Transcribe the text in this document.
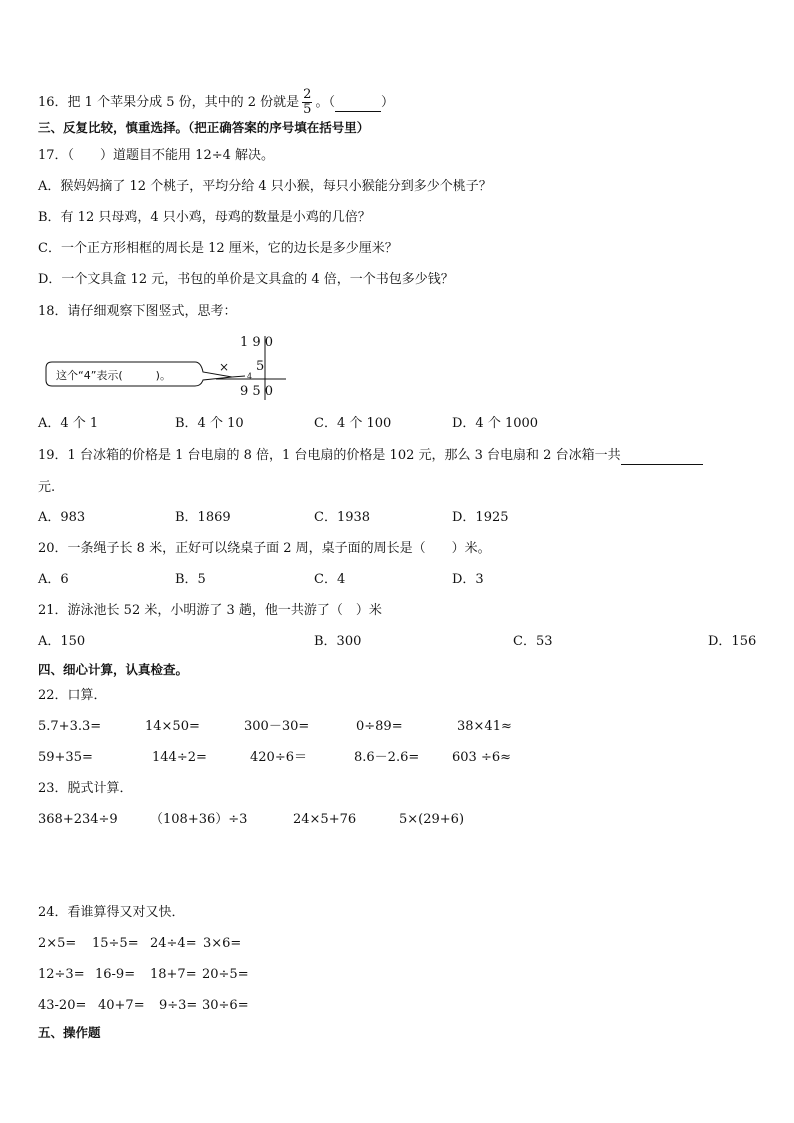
16．把 1 个苹果分成 5 份，其中的 2 份就是 $\frac{2}{5}$ 。（	）
三、反复比较，慎重选择。（把正确答案的序号填在括号里）
17．（　　）道题目不能用 12÷4 解决。
A．猴妈妈摘了 12 个桃子，平均分给 4 只小猴，每只小猴能分到多少个桃子？
B．有 12 只母鸡，4 只小鸡，母鸡的数量是小鸡的几倍？
C．一个正方形相框的周长是 12 厘米，它的边长是多少厘米？
D．一个文具盒 12 元，书包的单价是文具盒的 4 倍，一个书包多少钱？
18．请仔细观察下图竖式，思考：
这个“4”表示(　　　)。
1 9 0
× 5
4
9 5 0
A．4 个 1	B．4 个 10	C．4 个 100	D．4 个 1000
19．1 台冰箱的价格是 1 台电扇的 8 倍，1 台电扇的价格是 102 元，那么 3 台电扇和 2 台冰箱一共
元.
A．983	B．1869	C．1938	D．1925
20．一条绳子长 8 米，正好可以绕桌子面 2 周，桌子面的周长是（　　）米。
A．6	B．5	C．4	D．3
21．游泳池长 52 米，小明游了 3 趟，他一共游了（　）米
A．150	B．300	C．53	D．156
四、细心计算，认真检查。
22．口算．
5.7+3.3=	14×50=	300－30=	0÷89=	38×41≈
59+35=	144÷2=	420÷6＝	8.6－2.6=	603 ÷6≈
23．脱式计算．
368+234÷9 （108+36）÷3	24×5+76	5×(29+6)
24．看谁算得又对又快．
2×5= 15÷5= 24÷4= 3×6=
12÷3= 16-9= 18+7= 20÷5=
43-20= 40+7= 9÷3= 30÷6=
五、操作题
